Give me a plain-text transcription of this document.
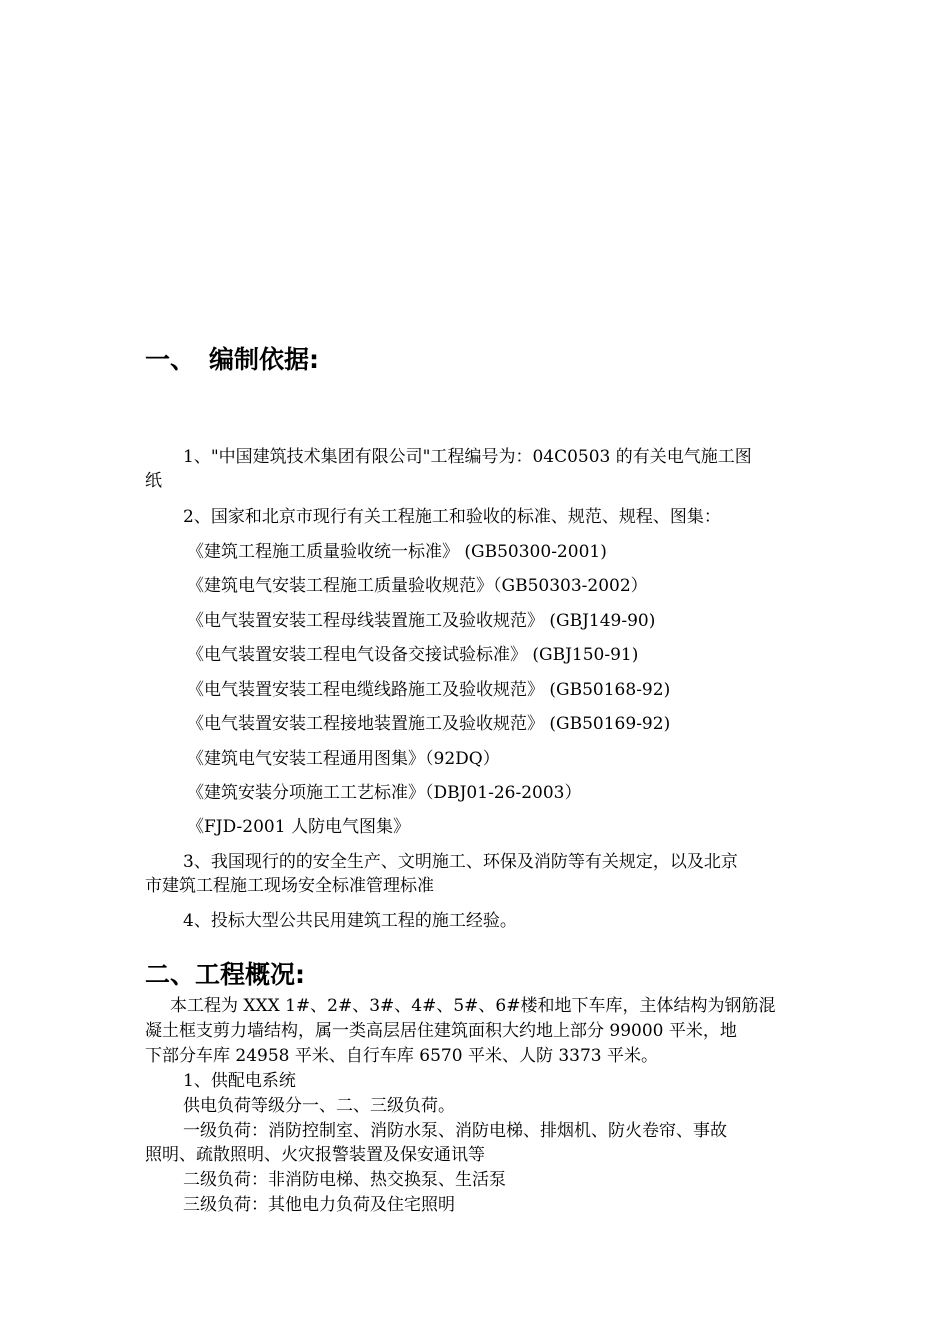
一、 编制依据:

1、"中国建筑技术集团有限公司"工程编号为：04C0503 的有关电气施工图

纸

2、国家和北京市现行有关工程施工和验收的标准、规范、规程、图集：

《建筑工程施工质量验收统一标准》 (GB50300-2001)

《建筑电气安装工程施工质量验收规范》（GB50303-2002）

《电气装置安装工程母线装置施工及验收规范》 (GBJ149-90)

《电气装置安装工程电气设备交接试验标准》 (GBJ150-91)

《电气装置安装工程电缆线路施工及验收规范》 (GB50168-92)

《电气装置安装工程接地装置施工及验收规范》 (GB50169-92)

《建筑电气安装工程通用图集》（92DQ）

《建筑安装分项施工工艺标准》（DBJ01-26-2003）

《FJD-2001 人防电气图集》

3、我国现行的的安全生产、文明施工、环保及消防等有关规定，以及北京

市建筑工程施工现场安全标准管理标准

4、投标大型公共民用建筑工程的施工经验。

二、工程概况:

本工程为 XXX 1#、2#、3#、4#、5#、6#楼和地下车库，主体结构为钢筋混

凝土框支剪力墙结构，属一类高层居住建筑面积大约地上部分 99000 平米，地

下部分车库 24958 平米、自行车库 6570 平米、人防 3373 平米。

1、供配电系统

供电负荷等级分一、二、三级负荷。

一级负荷：消防控制室、消防水泵、消防电梯、排烟机、防火卷帘、事故

照明、疏散照明、火灾报警装置及保安通讯等

二级负荷：非消防电梯、热交换泵、生活泵

三级负荷：其他电力负荷及住宅照明
